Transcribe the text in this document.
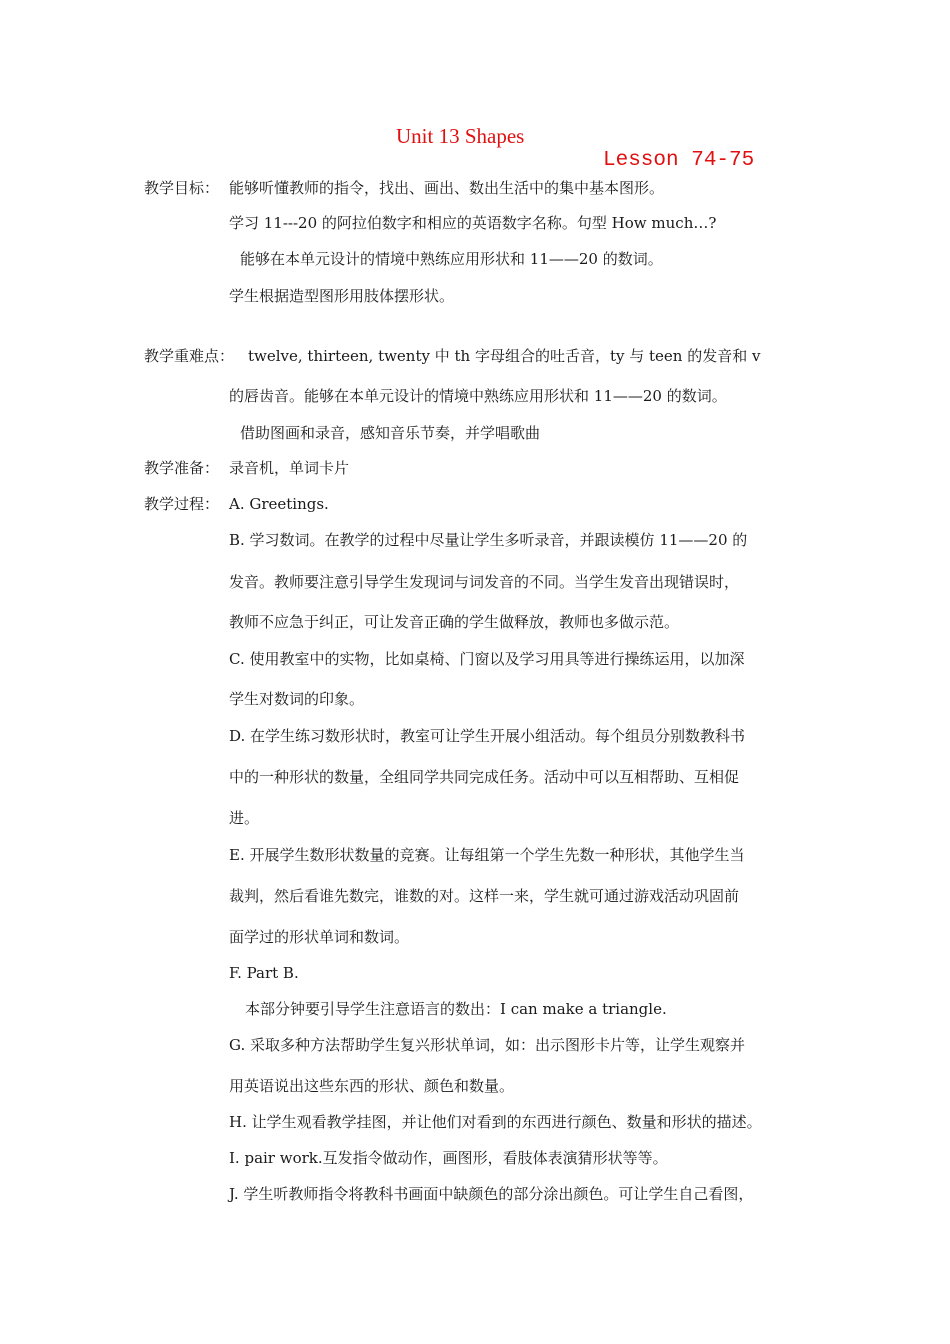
Unit 13 Shapes
Lesson 74-75
教学目标： 能够听懂教师的指令，找出、画出、数出生活中的集中基本图形。
学习 11---20 的阿拉伯数字和相应的英语数字名称。句型 How much…?
能够在本单元设计的情境中熟练应用形状和 11——20 的数词。
学生根据造型图形用肢体摆形状。
教学重难点： twelve, thirteen, twenty 中 th 字母组合的吐舌音，ty 与 teen 的发音和 v
的唇齿音。能够在本单元设计的情境中熟练应用形状和 11——20 的数词。
借助图画和录音，感知音乐节奏，并学唱歌曲
教学准备： 录音机，单词卡片
教学过程： A. Greetings.
B. 学习数词。在教学的过程中尽量让学生多听录音，并跟读模仿 11——20 的
发音。教师要注意引导学生发现词与词发音的不同。当学生发音出现错误时，
教师不应急于纠正，可让发音正确的学生做释放，教师也多做示范。
C. 使用教室中的实物，比如桌椅、门窗以及学习用具等进行操练运用，以加深
学生对数词的印象。
D. 在学生练习数形状时，教室可让学生开展小组活动。每个组员分别数教科书
中的一种形状的数量，全组同学共同完成任务。活动中可以互相帮助、互相促
进。
E. 开展学生数形状数量的竞赛。让每组第一个学生先数一种形状，其他学生当
裁判，然后看谁先数完，谁数的对。这样一来，学生就可通过游戏活动巩固前
面学过的形状单词和数词。
F. Part B.
本部分钟要引导学生注意语言的数出：I can make a triangle.
G. 采取多种方法帮助学生复兴形状单词，如：出示图形卡片等，让学生观察并
用英语说出这些东西的形状、颜色和数量。
H. 让学生观看教学挂图，并让他们对看到的东西进行颜色、数量和形状的描述。
I. pair work.互发指令做动作，画图形，看肢体表演猜形状等等。
J. 学生听教师指令将教科书画面中缺颜色的部分涂出颜色。可让学生自己看图，
